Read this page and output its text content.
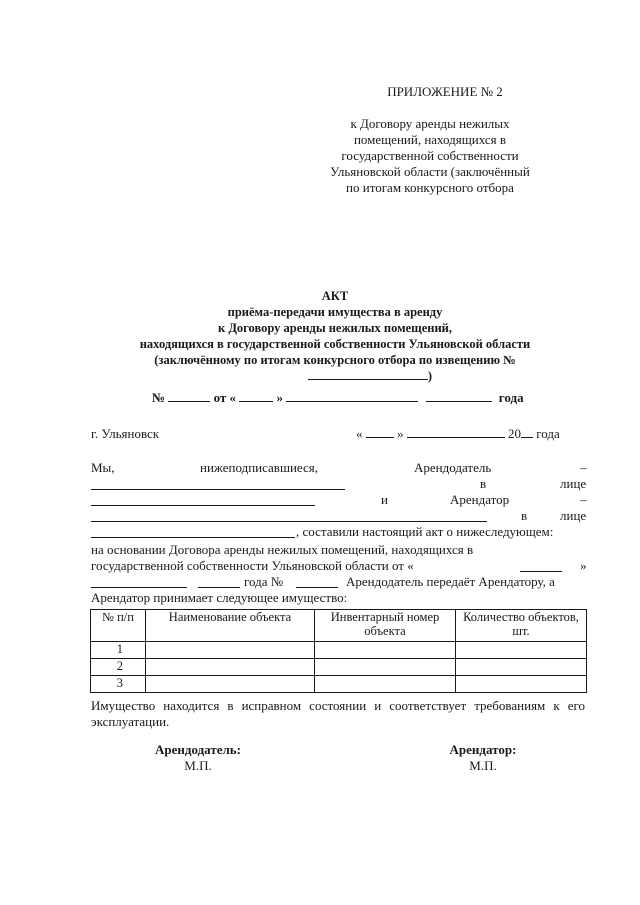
ПРИЛОЖЕНИЕ № 2
к Договору аренды нежилых
помещений, находящихся в
государственной собственности
Ульяновской области (заключённый
по итогам конкурсного отбора
АКТ
приёма-передачи имущества в аренду
к Договору аренды нежилых помещений,
находящихся в государственной собственности Ульяновской области
(заключённому по итогам конкурсного отбора по извещению №
)
№	от «	»	года
г. Ульяновск	«	»	20 года
Мы,	нижеподписавшиеся,	Арендодатель	–
в	лице
и	Арендатор	–
в	лице
, составили настоящий акт о нижеследующем:
на основании Договора аренды нежилых помещений, находящихся в
государственной собственности Ульяновской области от «	»
года №	Арендодатель передаёт Арендатору, а
Арендатор принимает следующее имущество:
№ п/п	Наименование объекта	Инвентарный номер объекта	Количество объектов, шт.
1			
2			
3			
Имущество находится в исправном состоянии и соответствует требованиям к его эксплуатации.
Арендодатель:
М.П.
Арендатор:
М.П.
